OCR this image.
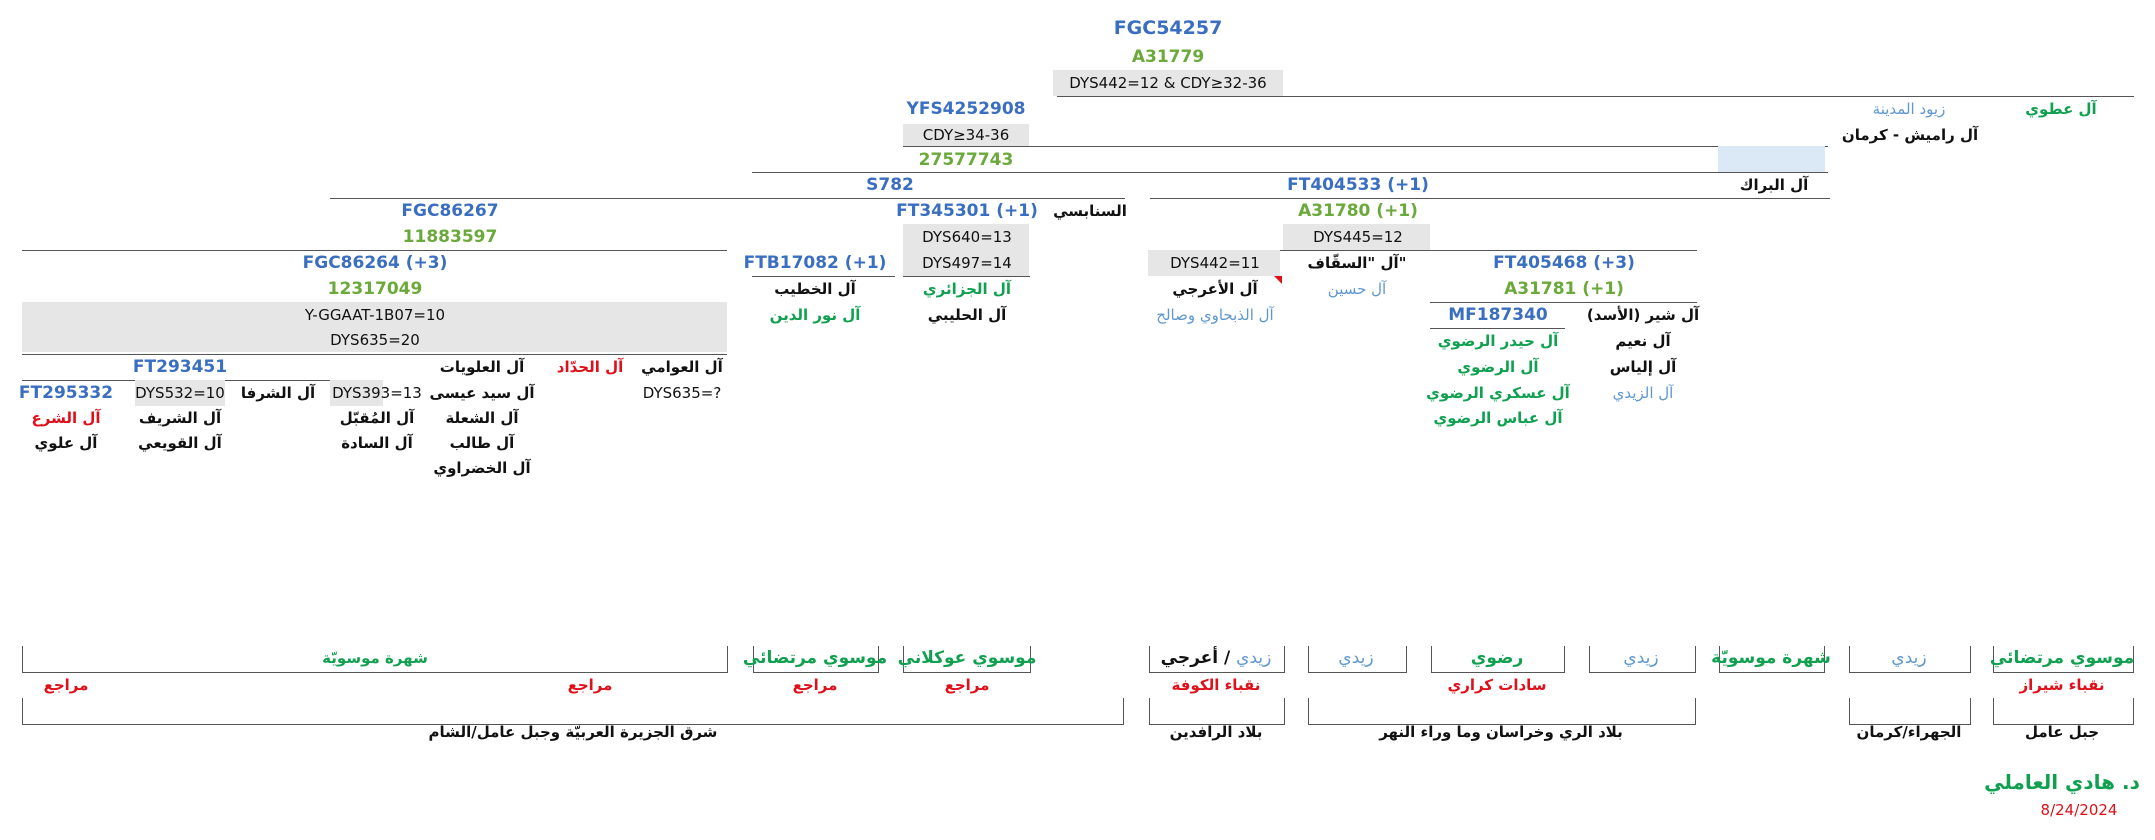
FGC54257
A31779
DYS442=12 & CDY≥32-36
زيود المدينة	آل عطوي
آل راميش - كرمان
آل البراك
YFS4252908
CDY≥34-36
27577743
S782
FGC86267
11883597
FGC86264 (+3)
12317049
Y-GGAAT-1B07=10
DYS635=20
FT293451
FT295332
آل الشرع
آل علوي
DYS532=10
آل الشريف
آل القويعي
آل الشرفا DYS393=13
آل المُقبّل
آل السادة
آل العلويات
آل سيد عيسى
آل الشعلة
آل طالب
آل الخضراوي
آل الحدّاد آل العوامي
DYS635=?
FTB17082 (+1)
آل الخطيب
آل نور الدين
FT345301 (+1)
DYS640=13
DYS497=14
آل الجزائري
آل الحليبي
السنابسي
FT404533 (+1)
A31780 (+1)
DYS445=12
DYS442=11
آل الأعرجي
آل الذبحاوي وصالح
آل "السقّاف"
آل حسين
FT405468 (+3)
A31781 (+1)
MF187340
آل حيدر الرضوي
آل الرضوي
آل عسكري الرضوي
آل عباس الرضوي
آل شير (الأسد)
آل نعيم
آل إلياس
آل الزيدي
شهرة موسويّة	موسوي مرتضائي موسوي عوكلاني	زيدي / أعرجي	زيدي	رضوي	زيدي	شهرة موسويّة	زيدي	موسوي مرتضائي
مراجع	مراجع	مراجع	مراجع	نقباء الكوفة	سادات كراري	نقباء شيراز
شرق الجزيرة العربيّة وجبل عامل/الشام	بلاد الرافدين	بلاد الري وخراسان وما وراء النهر	الجهراء/كرمان	جبل عامل
د. هادي العاملي
8/24/2024
